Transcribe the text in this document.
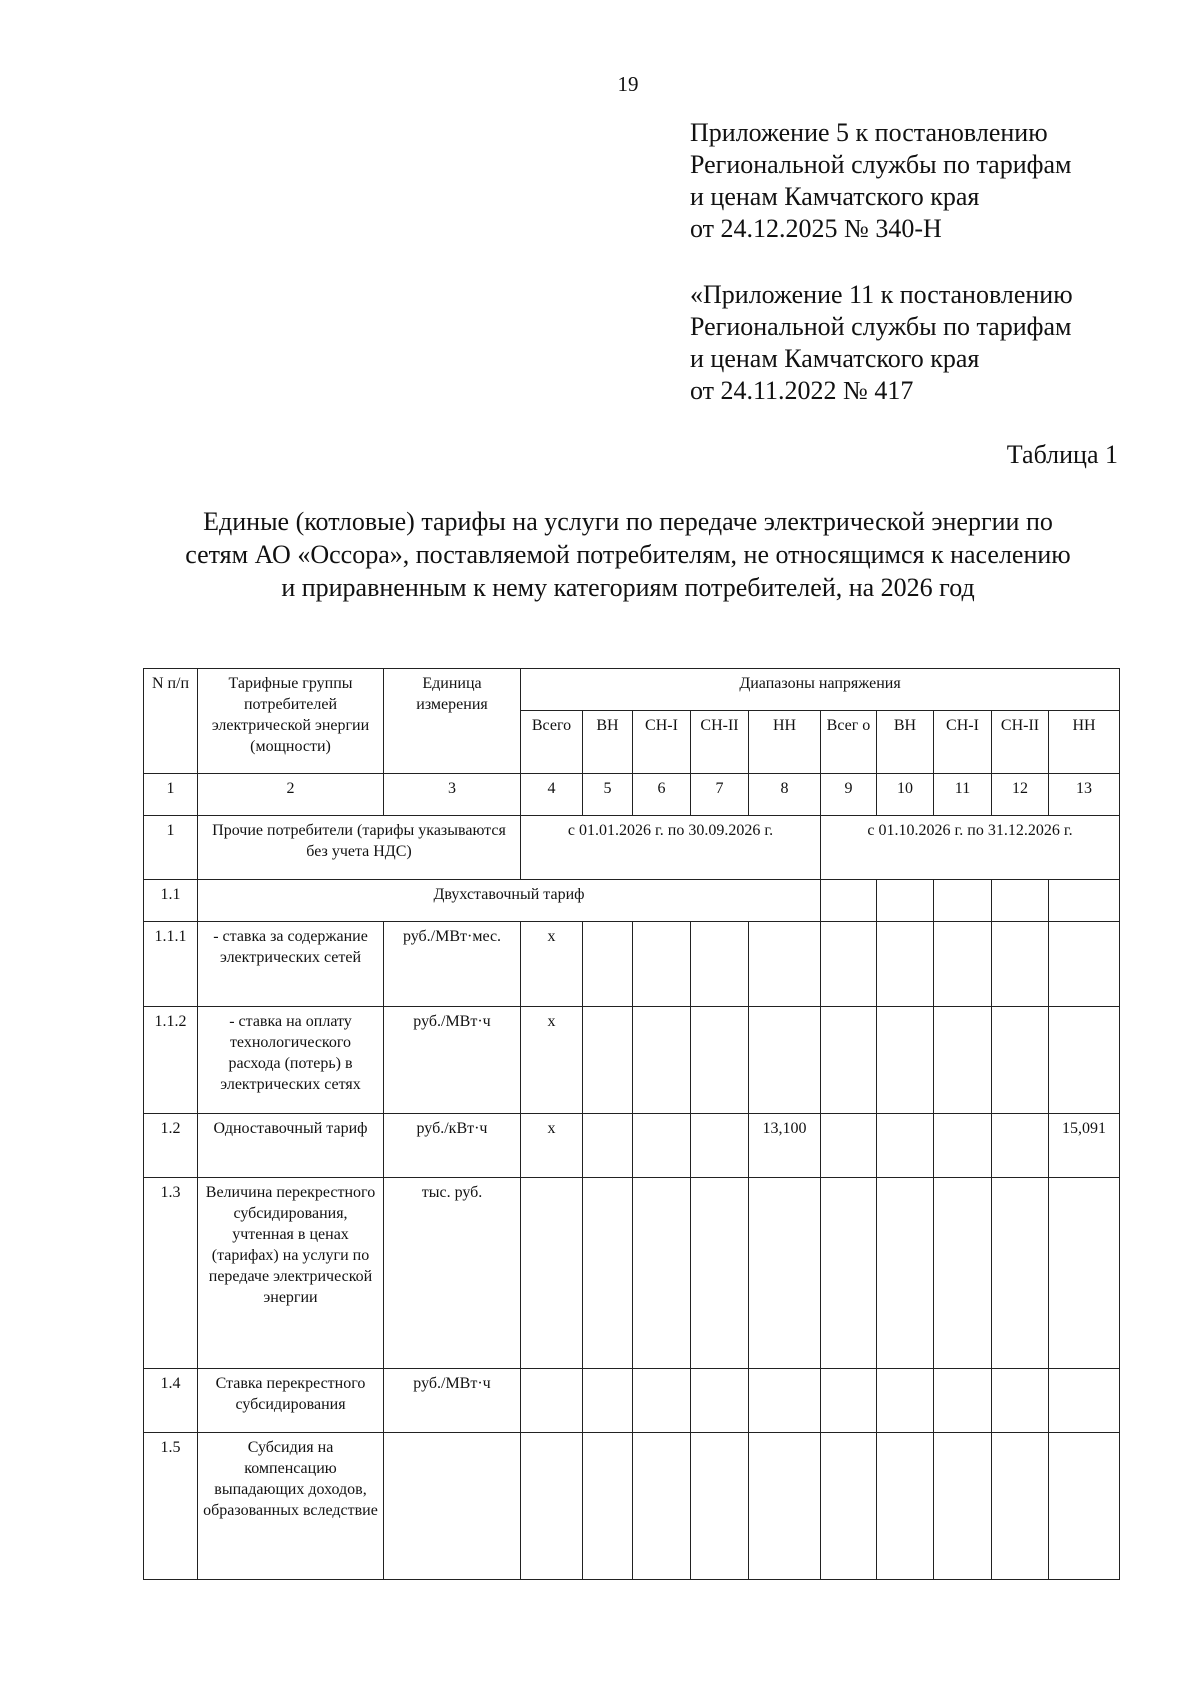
19
Приложение 5 к постановлению
Региональной службы по тарифам
и ценам Камчатского края
от 24.12.2025 № 340-Н
«Приложение 11 к постановлению
Региональной службы по тарифам
и ценам Камчатского края
от 24.11.2022 № 417
Таблица 1
Единые (котловые) тарифы на услуги по передаче электрической энергии по
сетям АО «Оссора», поставляемой потребителям, не относящимся к населению
и приравненным к нему категориям потребителей, на 2026 год
N п/п	Тарифные группы потребителей электрической энергии (мощности)	Единица измерения	Диапазоны напряжения									
			Всего	ВН	СН-I	СН-II	НН	Всег о	ВН	СН-I	СН-II	НН
1	2	3	4	5	6	7	8	9	10	11	12	13
1	Прочие потребители (тарифы указываются без учета НДС)		с 01.01.2026 г. по 30.09.2026 г.					с 01.10.2026 г. по 31.12.2026 г.				
1.1	Двухставочный тариф											
1.1.1	- ставка за содержание электрических сетей	руб./МВт·мес.	х									
1.1.2	- ставка на оплату технологического расхода (потерь) в электрических сетях	руб./МВт·ч	х									
1.2	Одноставочный тариф	руб./кВт·ч	х				13,100					15,091
1.3	Величина перекрестного субсидирования, учтенная в ценах (тарифах) на услуги по передаче электрической энергии	тыс. руб.										
1.4	Ставка перекрестного субсидирования	руб./МВт·ч										
1.5	Субсидия на компенсацию выпадающих доходов, образованных вследствие											
